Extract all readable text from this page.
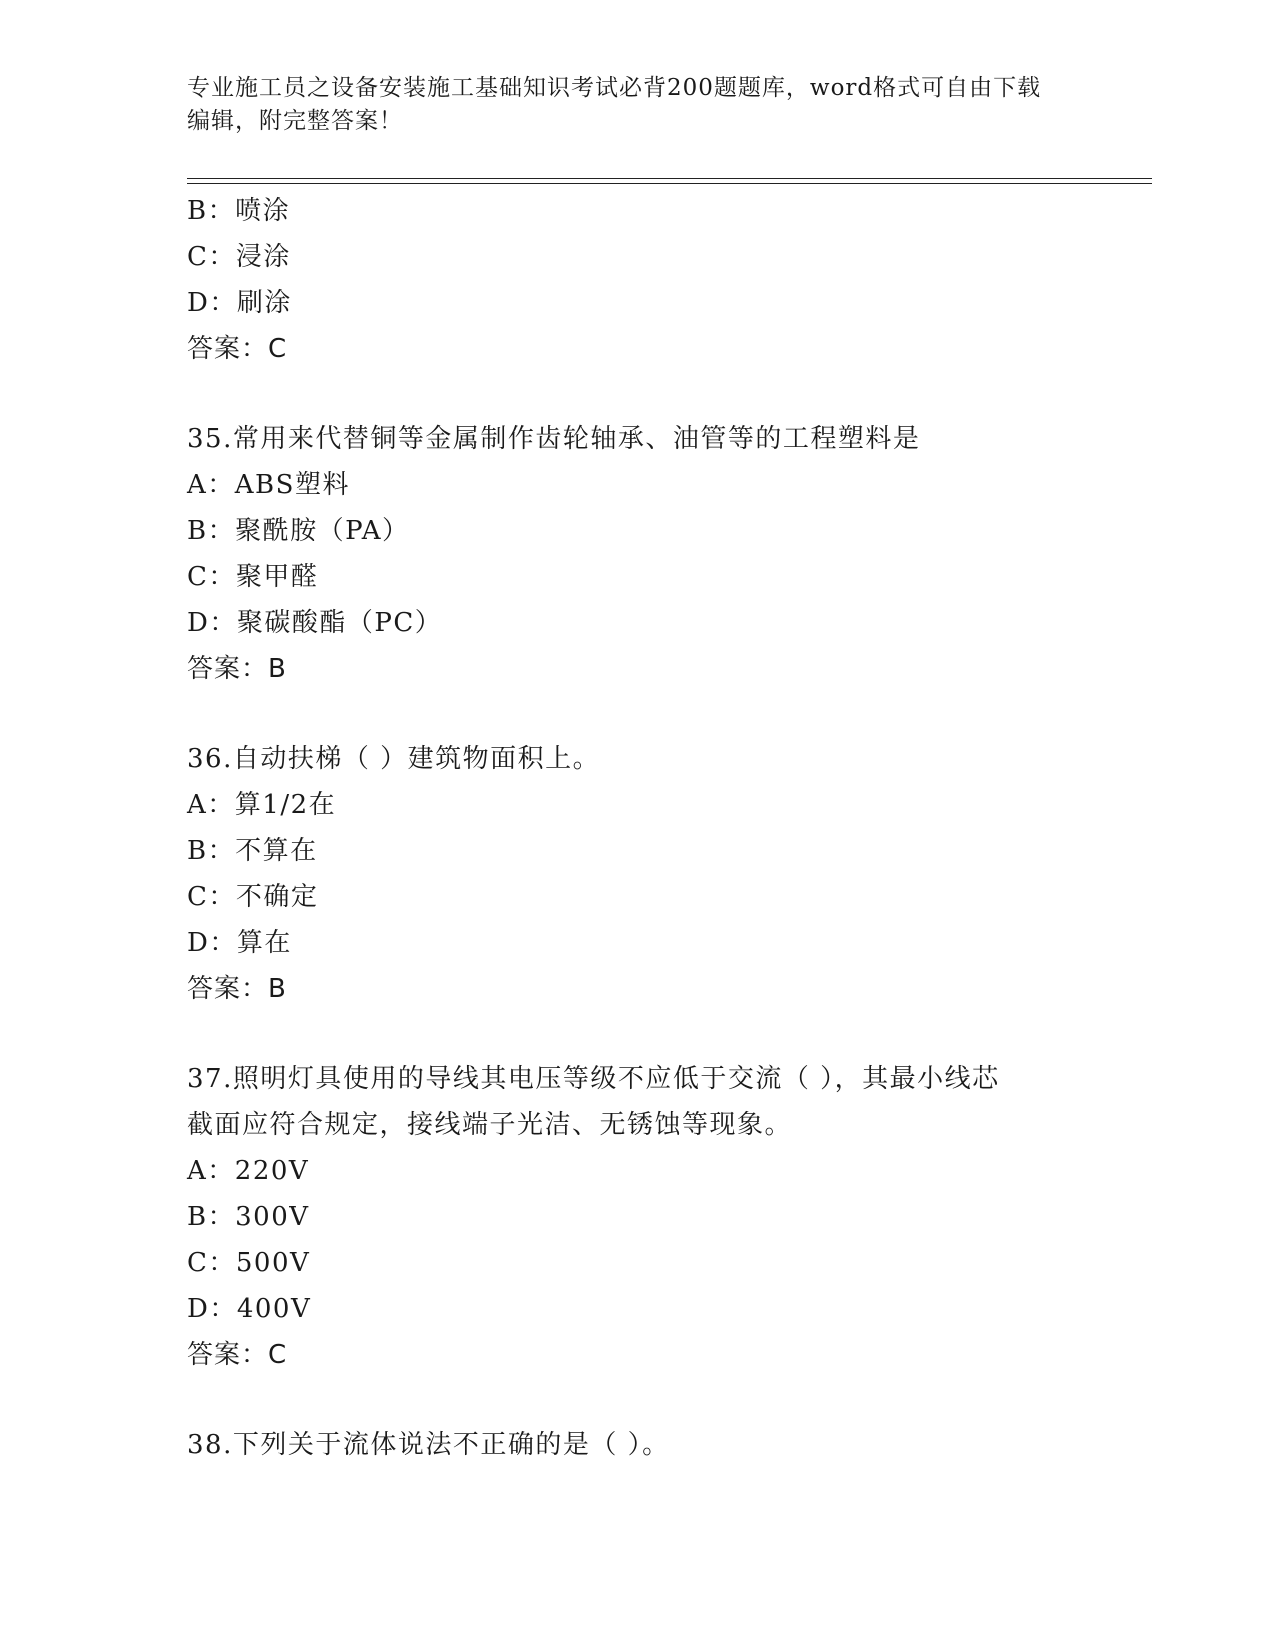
专业施工员之设备安装施工基础知识考试必背200题题库，word格式可自由下载
编辑，附完整答案！
B：喷涂
C：浸涂
D：刷涂
答案：C
35.常用来代替铜等金属制作齿轮轴承、油管等的工程塑料是
A：ABS塑料
B：聚酰胺（PA）
C：聚甲醛
D：聚碳酸酯（PC）
答案：B
36.自动扶梯（ ）建筑物面积上。
A：算1/2在
B：不算在
C：不确定
D：算在
答案：B
37.照明灯具使用的导线其电压等级不应低于交流（ ），其最小线芯
截面应符合规定，接线端子光洁、无锈蚀等现象。
A：220V
B：300V
C：500V
D：400V
答案：C
38.下列关于流体说法不正确的是（ ）。
